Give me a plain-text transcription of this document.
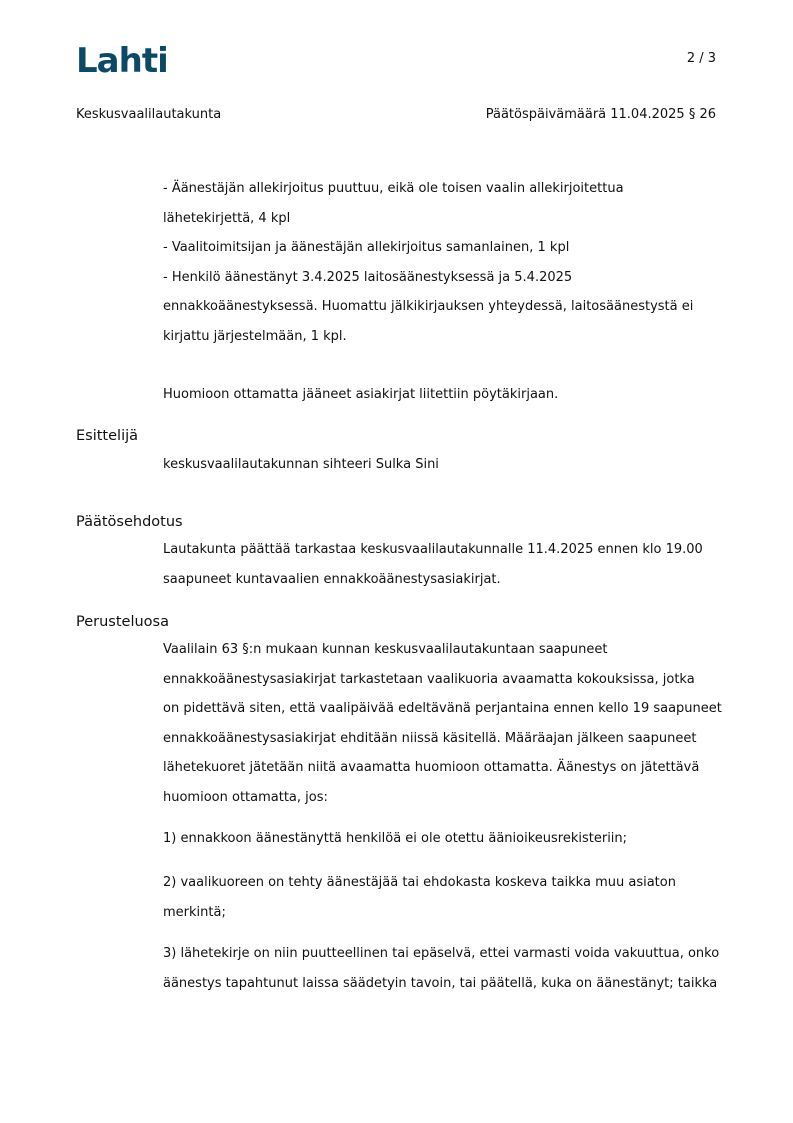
Lahti	2 / 3
Keskusvaalilautakunta	Päätöspäivämäärä 11.04.2025 § 26
- Äänestäjän allekirjoitus puuttuu, eikä ole toisen vaalin allekirjoitettua
lähetekirjettä, 4 kpl
- Vaalitoimitsijan ja äänestäjän allekirjoitus samanlainen, 1 kpl
- Henkilö äänestänyt 3.4.2025 laitosäänestyksessä ja 5.4.2025
ennakkoäänestyksessä. Huomattu jälkikirjauksen yhteydessä, laitosäänestystä ei
kirjattu järjestelmään, 1 kpl.
Huomioon ottamatta jääneet asiakirjat liitettiin pöytäkirjaan.
Esittelijä
keskusvaalilautakunnan sihteeri Sulka Sini
Päätösehdotus
Lautakunta päättää tarkastaa keskusvaalilautakunnalle 11.4.2025 ennen klo 19.00
saapuneet kuntavaalien ennakkoäänestysasiakirjat.
Perusteluosa
Vaalilain 63 §:n mukaan kunnan keskusvaalilautakuntaan saapuneet
ennakkoäänestysasiakirjat tarkastetaan vaalikuoria avaamatta kokouksissa, jotka
on pidettävä siten, että vaalipäivää edeltävänä perjantaina ennen kello 19 saapuneet
ennakkoäänestysasiakirjat ehditään niissä käsitellä. Määräajan jälkeen saapuneet
lähetekuoret jätetään niitä avaamatta huomioon ottamatta. Äänestys on jätettävä
huomioon ottamatta, jos:
1) ennakkoon äänestänyttä henkilöä ei ole otettu äänioikeusrekisteriin;
2) vaalikuoreen on tehty äänestäjää tai ehdokasta koskeva taikka muu asiaton
merkintä;
3) lähetekirje on niin puutteellinen tai epäselvä, ettei varmasti voida vakuuttua, onko
äänestys tapahtunut laissa säädetyin tavoin, tai päätellä, kuka on äänestänyt; taikka
